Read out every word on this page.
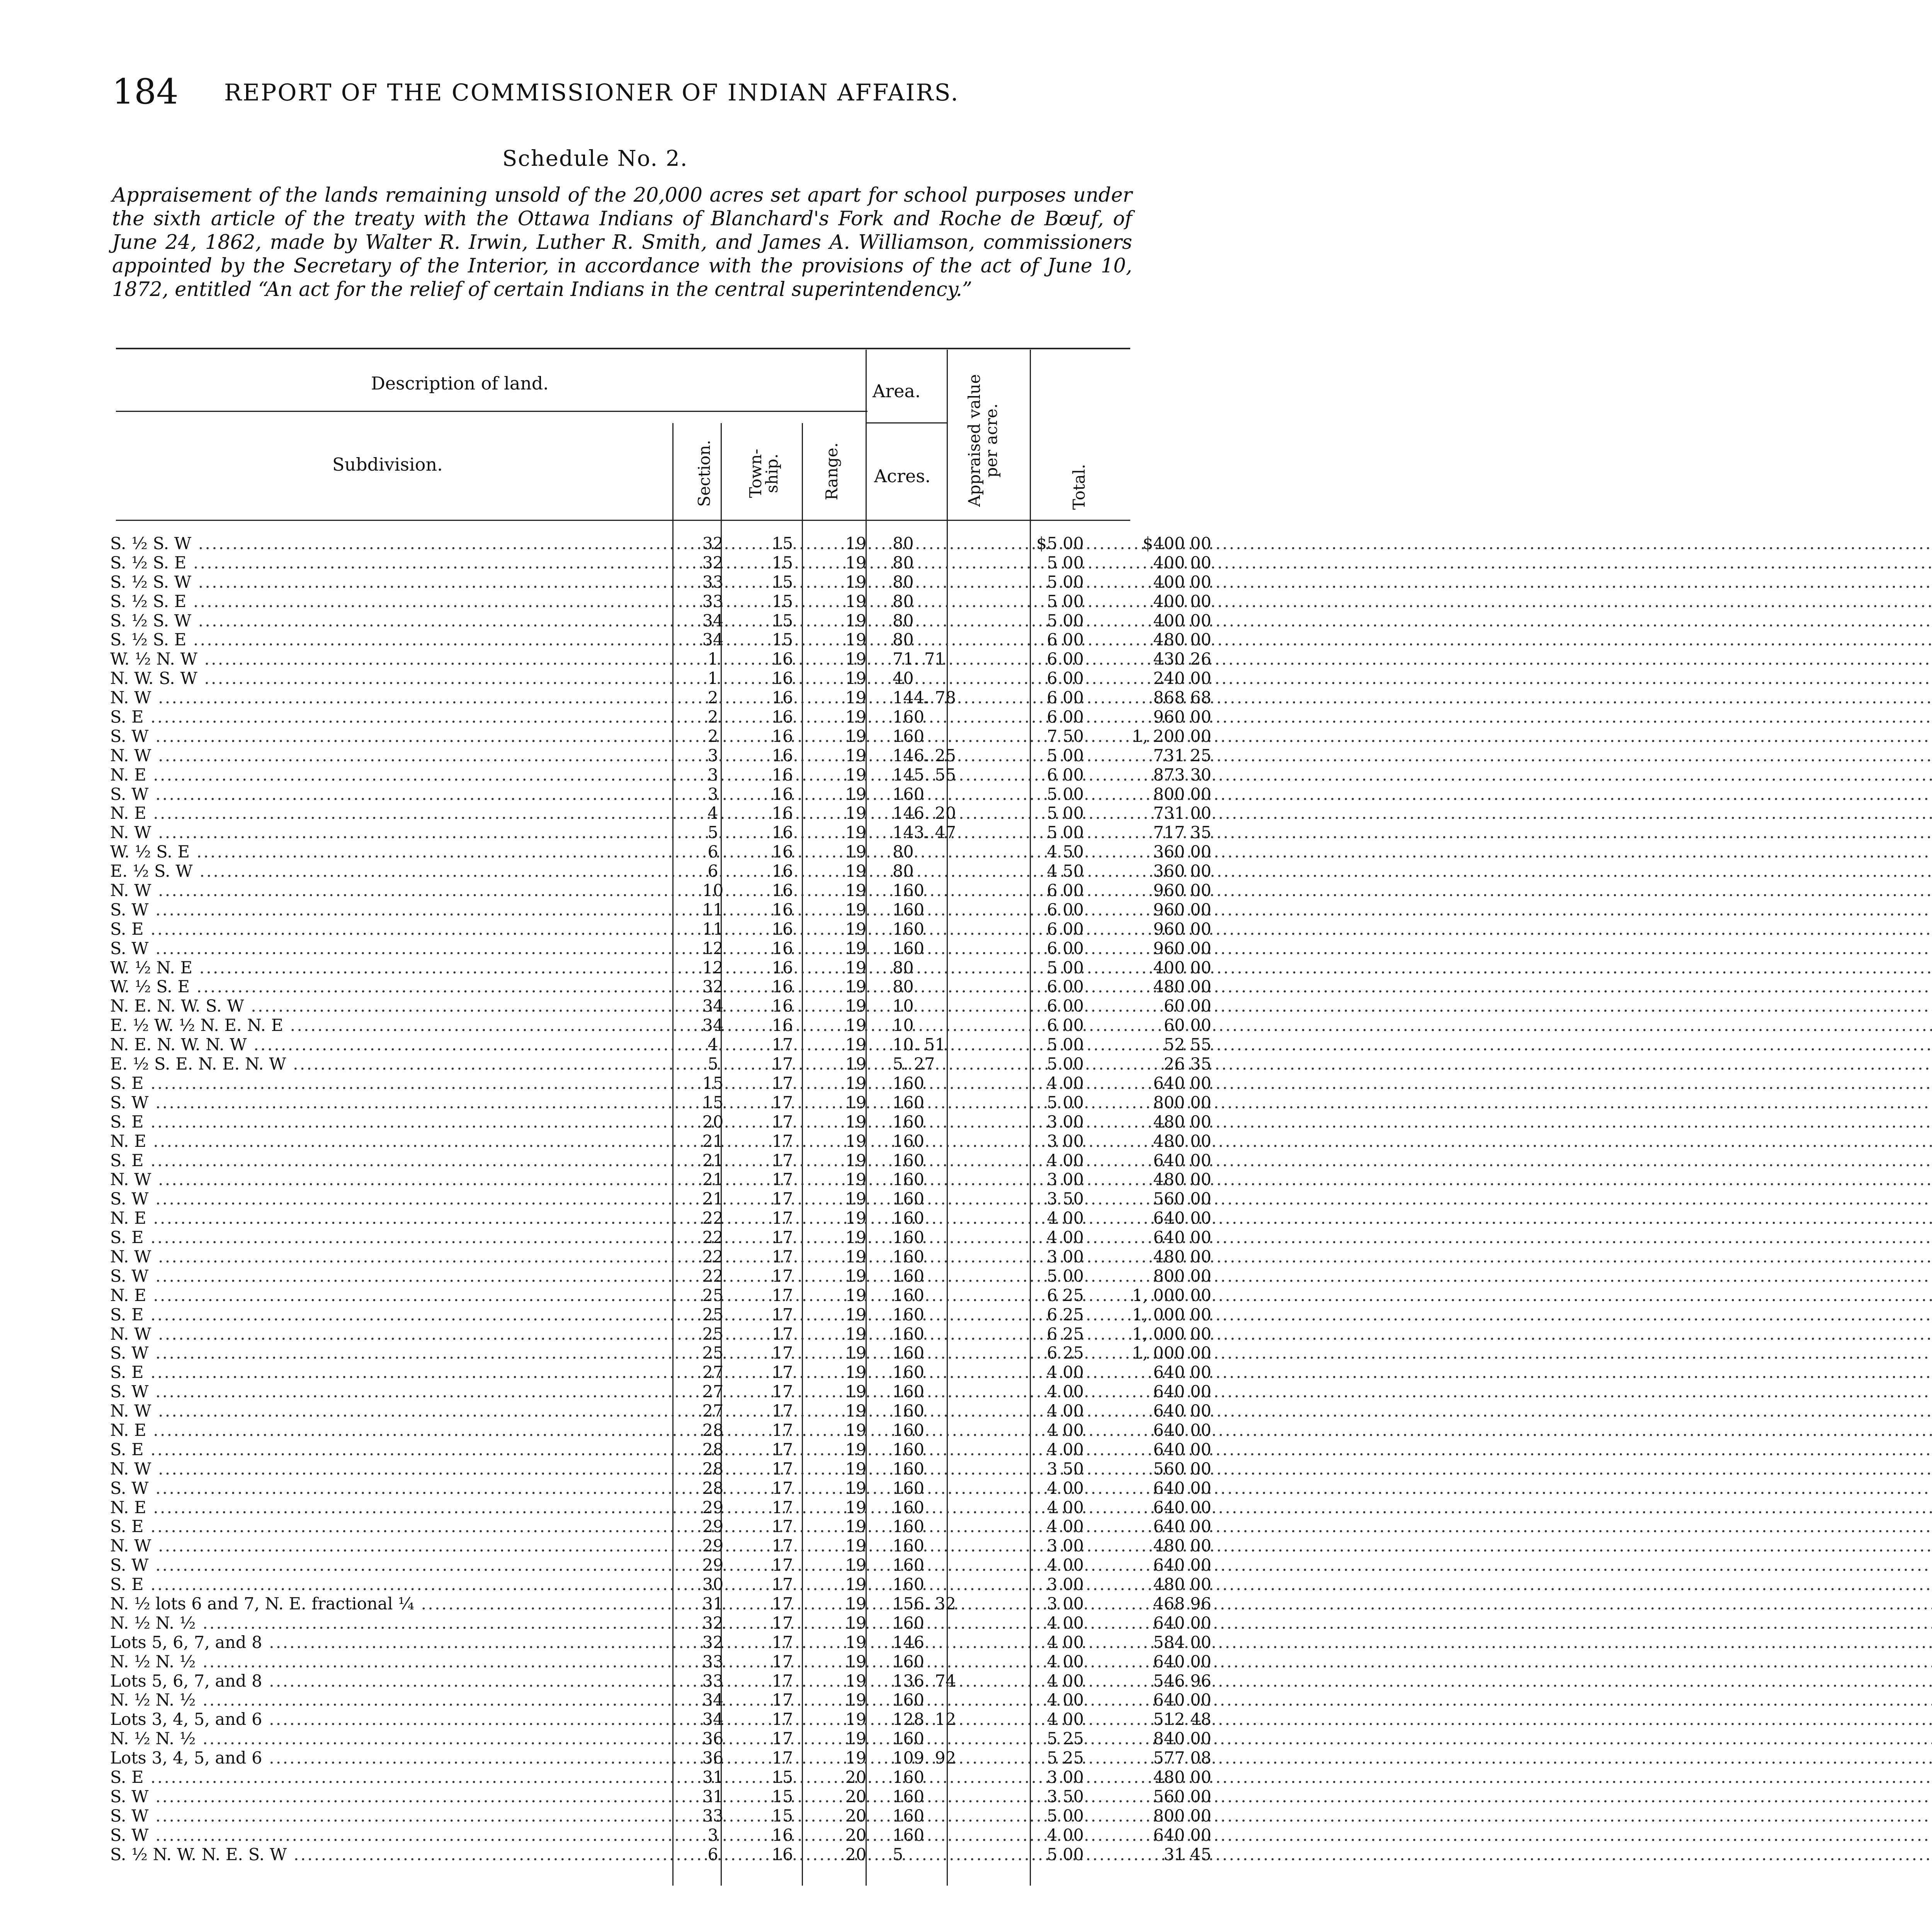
184 REPORT OF THE COMMISSIONER OF INDIAN AFFAIRS.
Schedule No. 2.
Appraisement of the lands remaining unsold of the 20,000 acres set apart for school purposes under the sixth article of the treaty with the Ottawa Indians of Blanchard's Fork and Roche de Bœuf, of June 24, 1862, made by Walter R. Irwin, Luther R. Smith, and James A. Williamson, commissioners appointed by the Secretary of the Interior, in accordance with the provisions of the act of June 10, 1872, entitled “An act for the relief of certain Indians in the central superintendency.”
Description of land.	Area.
Subdivision.
Acres.
Section. Town-ship.	Range.	Appraised value per acre.
Total.
S. ½ S. W .....	32	15	19	80	$5 00	$400 00
S. ½ S. E .....	32	15	19	80	5 00	400 00
S. ½ S. W .....	33	15	19	80	5 00	400 00
S. ½ S. E .....	33	15	19	80	5 00	400 00
S. ½ S. W .....	34	15	19	80	5 00	400 00
S. ½ S. E .....	34	15	19	80	6 00	480 00
W. ½ N. W .....	1	16	19	71. 71	6 00	430 26
N. W. S. W .....	1	16	19	40	6 00	240 00
N. W .....	2	16	19	144. 78	6 00	868 68
S. E .....	2	16	19	160	6 00	960 00
S. W .....	2	16	19	160	7 50	1, 200 00
N. W .....	3	16	19	146. 25	5 00	731 25
N. E .....	3	16	19	145. 55	6 00	873 30
S. W .....	3	16	19	160	5 00	800 00
N. E .....	4	16	19	146. 20	5 00	731 00
N. W .....	5	16	19	143. 47	5 00	717 35
W. ½ S. E .....	6	16	19	80	4 50	360 00
E. ½ S. W .....	6	16	19	80	4 50	360 00
N. W .....	10	16	19	160	6 00	960 00
S. W .....	11	16	19	160	6 00	960 00
S. E .....	11	16	19	160	6 00	960 00
S. W .....	12	16	19	160	6 00	960 00
W. ½ N. E .....	12	16	19	80	5 00	400 00
W. ½ S. E .....	32	16	19	80	6 00	480 00
N. E. N. W. S. W .....	34	16	19	10	6 00	60 00
E. ½ W. ½ N. E. N. E .....	34	16	19	10	6 00	60 00
N. E. N. W. N. W .....	4	17	19	10. 51	5 00	52 55
E. ½ S. E. N. E. N. W .....	5	17	19	5. 27	5 00	26 35
S. E .....	15	17	19	160	4 00	640 00
S. W .....	15	17	19	160	5 00	800 00
S. E .....	20	17	19	160	3 00	480 00
N. E .....	21	17	19	160	3 00	480 00
S. E .....	21	17	19	160	4 00	640 00
N. W .....	21	17	19	160	3 00	480 00
S. W .....	21	17	19	160	3 50	560 00
N. E .....	22	17	19	160	4 00	640 00
S. E .....	22	17	19	160	4 00	640 00
N. W .....	22	17	19	160	3 00	480 00
S. W .....	22	17	19	160	5 00	800 00
N. E .....	25	17	19	160	6 25	1, 000 00
S. E .....	25	17	19	160	6 25	1, 000 00
N. W .....	25	17	19	160	6 25	1, 000 00
S. W .....	25	17	19	160	6 25	1, 000 00
S. E .....	27	17	19	160	4 00	640 00
S. W .....	27	17	19	160	4 00	640 00
N. W .....	27	17	19	160	4 00	640 00
N. E .....	28	17	19	160	4 00	640 00
S. E .....	28	17	19	160	4 00	640 00
N. W .....	28	17	19	160	3 50	560 00
S. W .....	28	17	19	160	4 00	640 00
N. E .....	29	17	19	160	4 00	640 00
S. E .....	29	17	19	160	4 00	640 00
N. W .....	29	17	19	160	3 00	480 00
S. W .....	29	17	19	160	4 00	640 00
S. E .....	30	17	19	160	3 00	480 00
N. ½ lots 6 and 7, N. E. fractional ¼ .....	31	17	19	156. 32	3 00	468 96
N. ½ N. ½ .....	32	17	19	160	4 00	640 00
Lots 5, 6, 7, and 8 .....	32	17	19	146	4 00	584 00
N. ½ N. ½ .....	33	17	19	160	4 00	640 00
Lots 5, 6, 7, and 8 .....	33	17	19	136. 74	4 00	546 96
N. ½ N. ½ .....	34	17	19	160	4 00	640 00
Lots 3, 4, 5, and 6 .....	34	17	19	128. 12	4 00	512 48
N. ½ N. ½ .....	36	17	19	160	5 25	840 00
Lots 3, 4, 5, and 6 .....	36	17	19	109. 92	5 25	577 08
S. E .....	31	15	20	160	3 00	480 00
S. W .....	31	15	20	160	3 50	560 00
S. W .....	33	15	20	160	5 00	800 00
S. W .....	3	16	20	160	4 00	640 00
S. ½ N. W. N. E. S. W .....	6	16	20	5	5 00	31 45
